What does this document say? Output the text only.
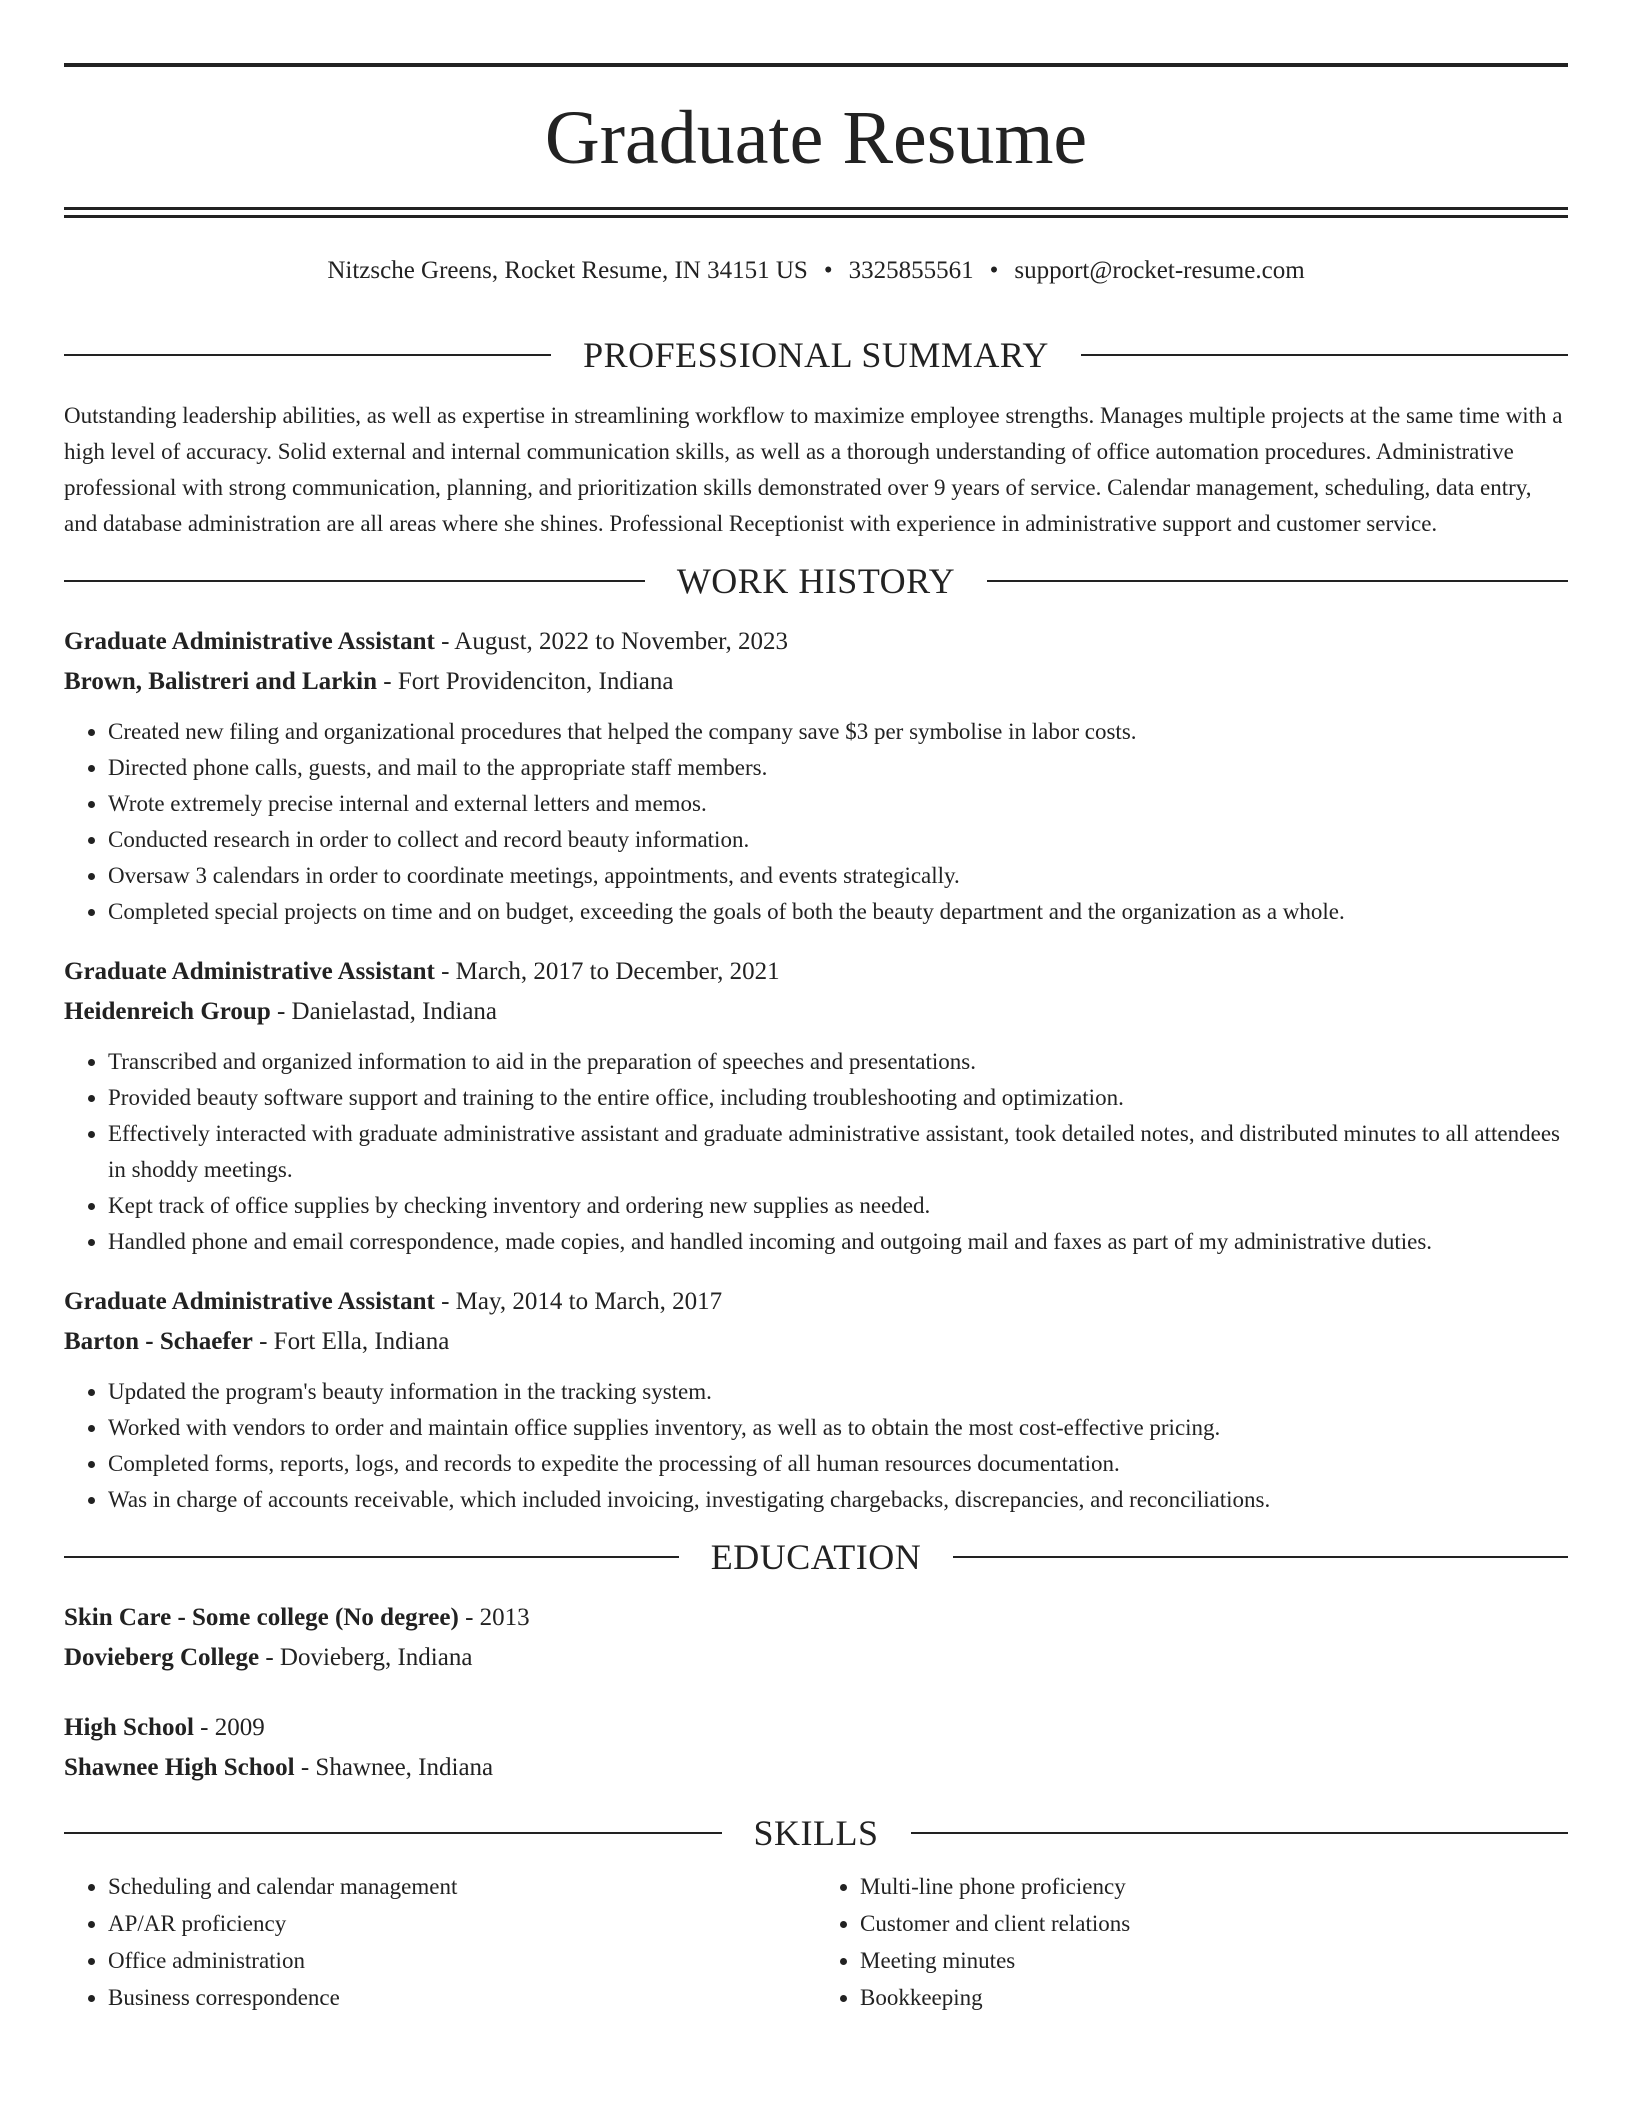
Graduate Resume
Nitzsche Greens, Rocket Resume, IN 34151 US • 3325855561 • support@rocket-resume.com
PROFESSIONAL SUMMARY

Outstanding leadership abilities, as well as expertise in streamlining workflow to maximize employee strengths. Manages multiple projects at the same time with a high level of accuracy. Solid external and internal communication skills, as well as a thorough understanding of office automation procedures. Administrative professional with strong communication, planning, and prioritization skills demonstrated over 9 years of service. Calendar management, scheduling, data entry, and database administration are all areas where she shines. Professional Receptionist with experience in administrative support and customer service.

WORK HISTORY
Graduate Administrative Assistant - August, 2022 to November, 2023
Brown, Balistreri and Larkin - Fort Providenciton, Indiana
• Created new filing and organizational procedures that helped the company save $3 per symbolise in labor costs.
• Directed phone calls, guests, and mail to the appropriate staff members.
• Wrote extremely precise internal and external letters and memos.
• Conducted research in order to collect and record beauty information.
• Oversaw 3 calendars in order to coordinate meetings, appointments, and events strategically.
• Completed special projects on time and on budget, exceeding the goals of both the beauty department and the organization as a whole.
Graduate Administrative Assistant - March, 2017 to December, 2021
Heidenreich Group - Danielastad, Indiana
• Transcribed and organized information to aid in the preparation of speeches and presentations.
• Provided beauty software support and training to the entire office, including troubleshooting and optimization.
• Effectively interacted with graduate administrative assistant and graduate administrative assistant, took detailed notes, and distributed minutes to all attendees in shoddy meetings.
• Kept track of office supplies by checking inventory and ordering new supplies as needed.
• Handled phone and email correspondence, made copies, and handled incoming and outgoing mail and faxes as part of my administrative duties.
Graduate Administrative Assistant - May, 2014 to March, 2017
Barton - Schaefer - Fort Ella, Indiana
• Updated the program's beauty information in the tracking system.
• Worked with vendors to order and maintain office supplies inventory, as well as to obtain the most cost-effective pricing.
• Completed forms, reports, logs, and records to expedite the processing of all human resources documentation.
• Was in charge of accounts receivable, which included invoicing, investigating chargebacks, discrepancies, and reconciliations.
EDUCATION
Skin Care - Some college (No degree) - 2013
Dovieberg College - Dovieberg, Indiana
High School - 2009
Shawnee High School - Shawnee, Indiana
SKILLS
• Scheduling and calendar management
• AP/AR proficiency
• Office administration
• Business correspondence
• Multi-line phone proficiency
• Customer and client relations
• Meeting minutes
• Bookkeeping
